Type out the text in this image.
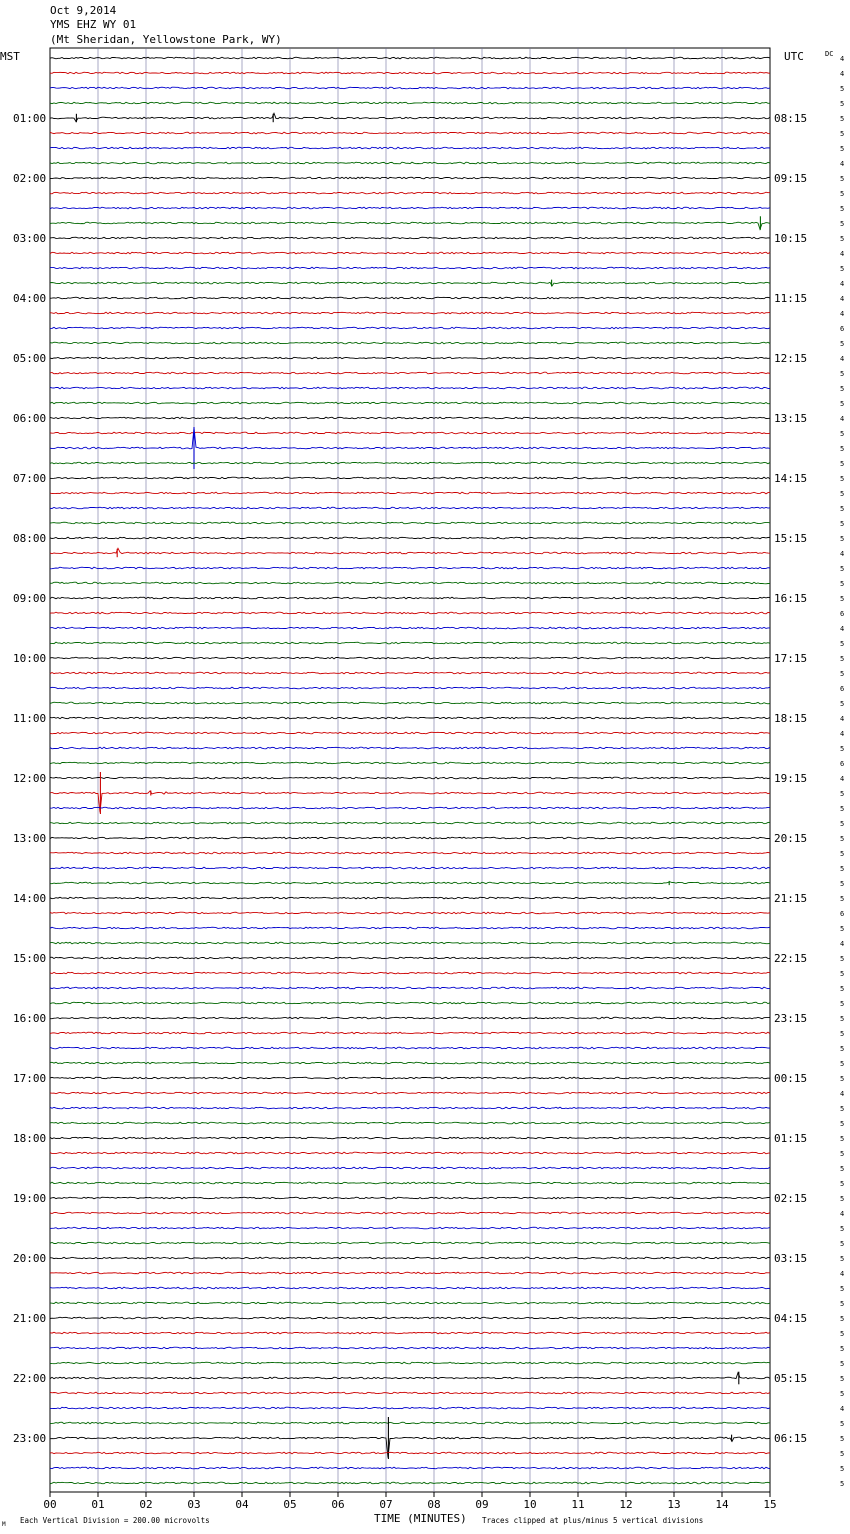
Oct 9,2014
YMS EHZ WY 01
(Mt Sheridan, Yellowstone Park, WY)
00	01	02	03	04	05	06	07	08	09	10	11	12	13	14	15
4
4
5
5
5
5
5
4
5
5
5
5
5
4
5
4
4
4
6
5
4
5
5
5
4
5
5
5
5
5
5
5
5
4
5
5
5
6
4
5
5
5
6
5
4
4
5
6
4
5
5
5
5
5
5
5
5
6
5
4
5
5
5
5
5
5
5
5
5
4
5
5
5
5
5
5
5
4
5
5
5
4
5
5
5
5
5
5
5
5
4
5
5
5
5
5
01:00
02:00
03:00
04:00
05:00
06:00
07:00
08:00
09:00
10:00
11:00
12:00
13:00
14:00
15:00
16:00
17:00
18:00
19:00
20:00
21:00
22:00
23:00
08:15
09:15
10:15
11:15
12:15
13:15
14:15
15:15
16:15
17:15
18:15
19:15
20:15
21:15
22:15
23:15
00:15
01:15
02:15
03:15
04:15
05:15
06:15
MST	UTC	DC
M Each Vertical Division = 200.00 microvolts	TIME (MINUTES) Traces clipped at plus/minus 5 vertical divisions
